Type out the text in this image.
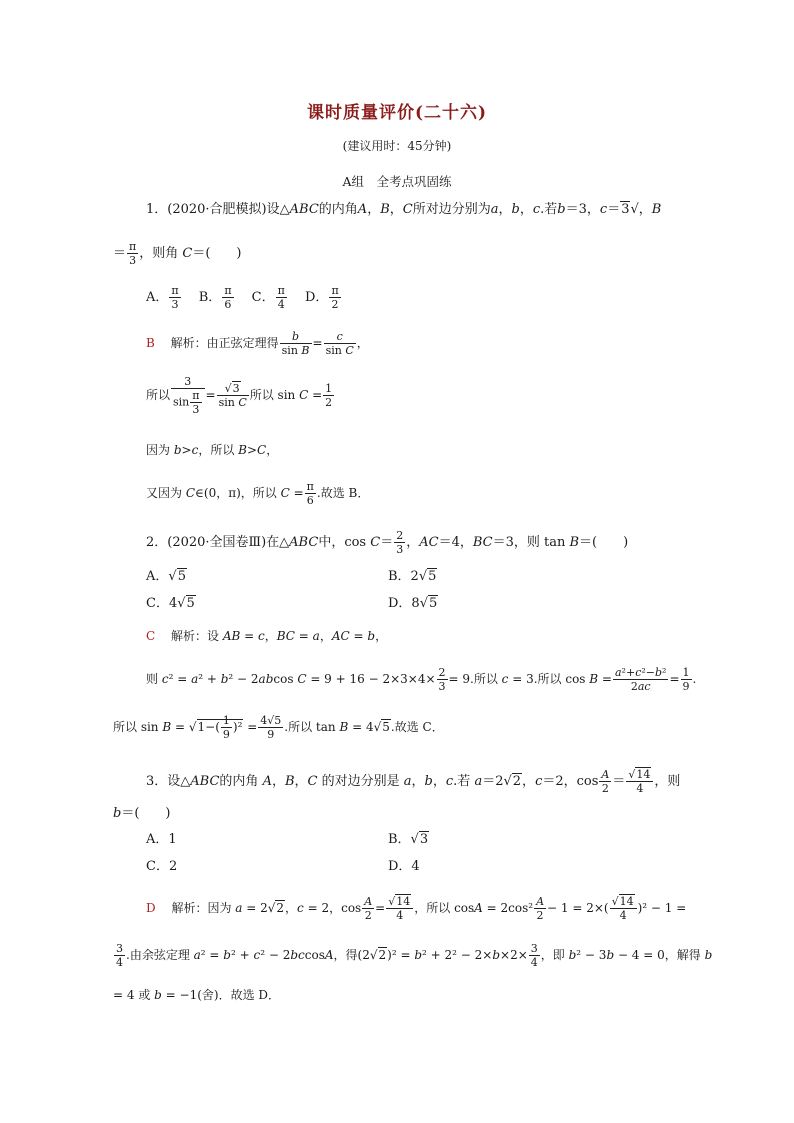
课时质量评价(二十六)
(建议用时：45分钟)
A组　全考点巩固练
1．(2020·合肥模拟)设△ABC的内角A，B，C所对边分别为a，b，c.若b＝3，c＝3√，B
＝ $\frac{\pi}{3}$ ，则角 C＝(　　)
A． $\frac{\pi}{3}$ 　 B． $\frac{\pi}{6}$ 　 C． $\frac{\pi}{4}$ 　 D． $\frac{\pi}{2}$
B　 解析：由正弦定理得 $\frac{b}{\text{sin B}} = \frac{c}{\text{sin C}}$ ，
所以 $\frac{3}{\sin \frac{\pi}{3}} = \frac{√3}{\text{sin C}}$ 所以 $\sin C = \frac{1}{2}$
因为 b>c，所以 B>C，
又因为 C∈(0，π)，所以 $C = \frac{\pi}{6}$ .故选 B．
2．(2020·全国卷Ⅲ)在△ABC中，$\cos C= \frac{2}{3}$ ，AC＝4，BC＝3，则 tan B＝(　　)
A．√5	B．2√5
C．4√5	D．8√5
C　 解析：设 AB = c，BC = a，AC = b，
则 c² = a² + b² − 2abcos $C = 9 + 16 - 2\times 3\times 4\times \frac{2}{3} = 9$.所以 c = 3.所以 $\cos B = \frac{\text{a²+c²−b²}}{2ac} = \frac{1}{9}$ .
所以 $\sin B = √1-( \frac{1}{9} )^2 = \frac{4√5}{9}$ .所以 tan B = 4√5.故选 C．
3．设△ABC的内角 A，B，C 的对边分别是 a，b，c.若 a＝2√2，c＝2，$\cos \frac{A}{2} = \frac{√14}{4}$ ，则
b＝(　　)
A．1	B．√3
C．2	D．4
D　 解析：因为 a = 2√2，c = 2，$\cos \frac{A}{2} = \frac{√14}{4}$ ，所以 $\cos A = 2\cos^2 \frac{A}{2} - 1 = 2\times( \frac{√14}{4} )^2 - 1$ =
$\frac{3}{4}$ .由余弦定理 a² = b² + c² − 2bccosA，得$(2√2)^2 = b^2 + 2^2 - 2\times b\times 2\times \frac{3}{4}$ ，即 b² − 3b − 4 = 0，解得 b
= 4 或 b = −1(舍)．故选 D．
